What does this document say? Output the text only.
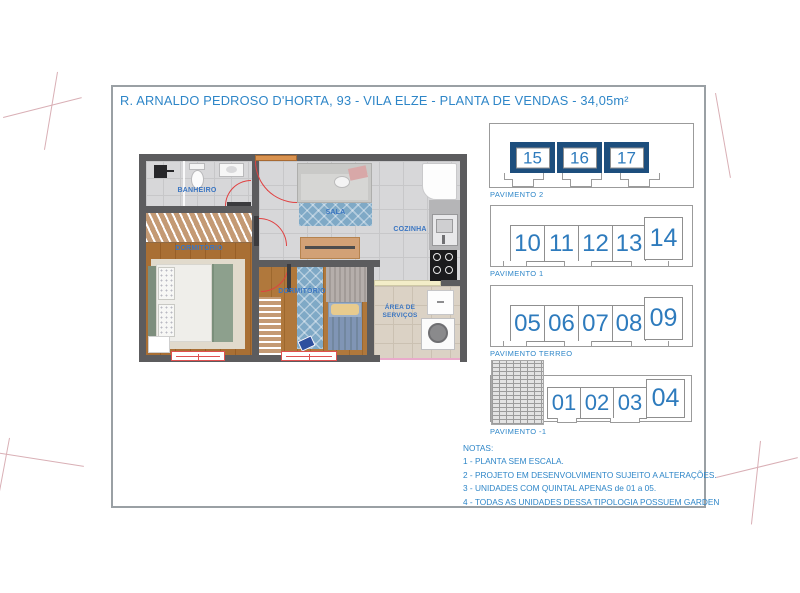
R. ARNALDO PEDROSO D'HORTA, 93 - VILA ELZE - PLANTA DE VENDAS - 34,05m²
BANHEIRO
DORMITÓRIO
SALA
COZINHA
DORMITÓRIO
ÁREA DE SERVIÇOS
15 16 17
PAVIMENTO 2
10 11 12 13 14
PAVIMENTO 1
05 06 07 08 09
PAVIMENTO TERREO
01 02 03 04
PAVIMENTO -1
NOTAS:
1 - PLANTA SEM ESCALA.
2 - PROJETO EM DESENVOLVIMENTO SUJEITO A ALTERAÇÕES.
3 - UNIDADES COM QUINTAL APENAS de 01 a 05.
4 - TODAS AS UNIDADES DESSA TIPOLOGIA POSSUEM GARDEN
